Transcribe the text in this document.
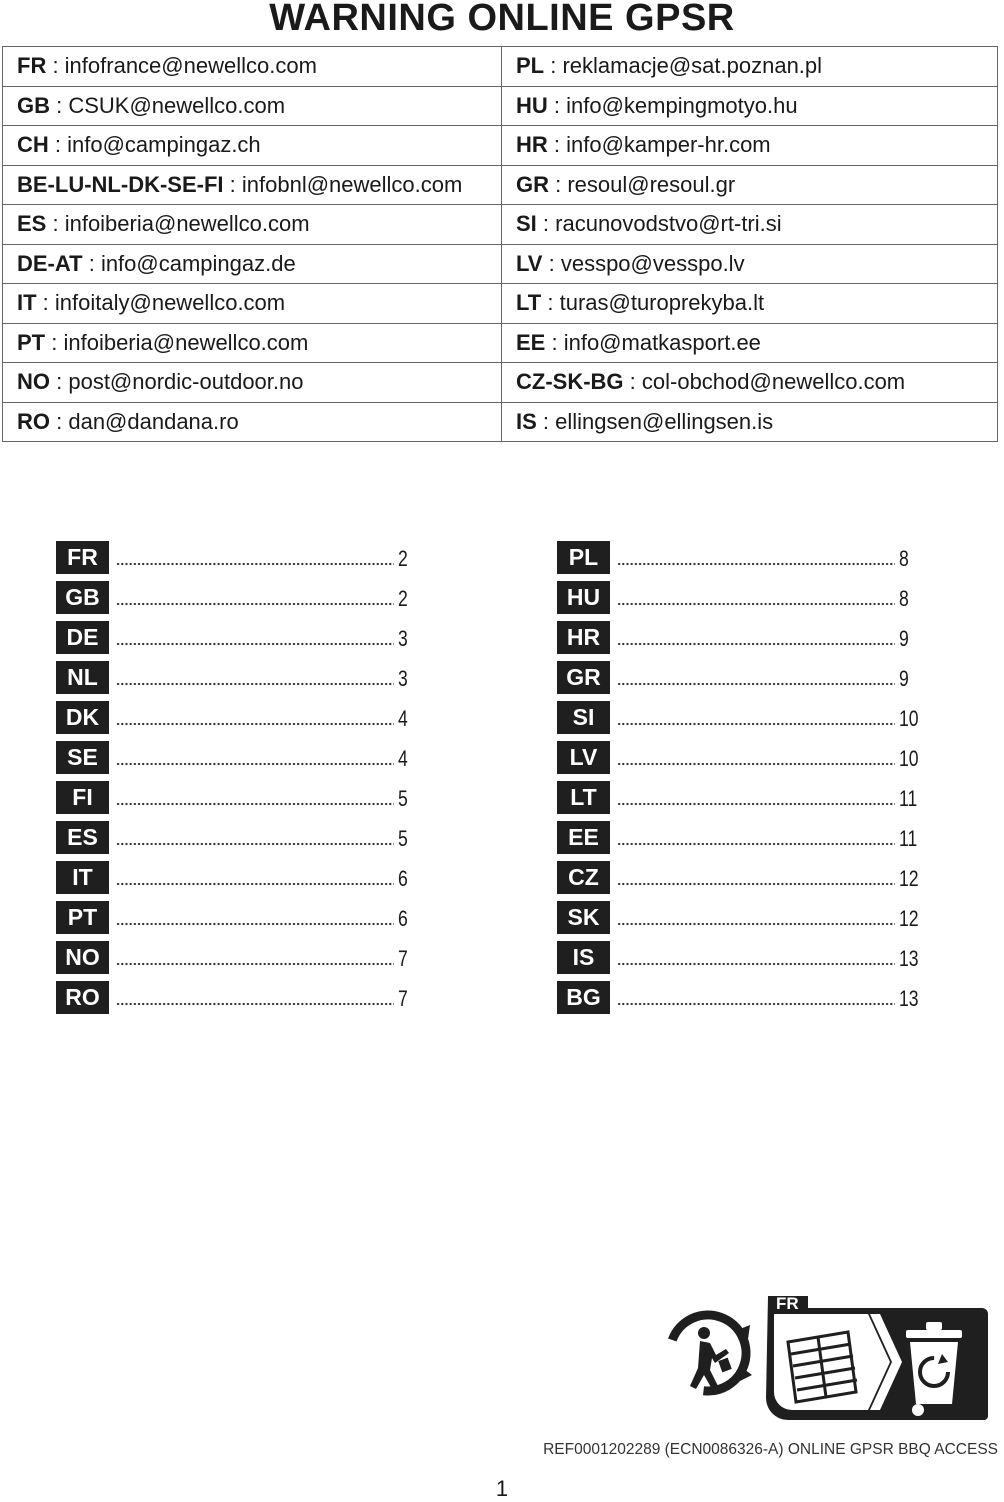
WARNING ONLINE GPSR
FR : infofrance@newellco.com	PL : reklamacje@sat.poznan.pl
GB : CSUK@newellco.com	HU : info@kempingmotyo.hu
CH : info@campingaz.ch	HR : info@kamper-hr.com
BE-LU-NL-DK-SE-FI : infobnl@newellco.com	GR : resoul@resoul.gr
ES : infoiberia@newellco.com	SI : racunovodstvo@rt-tri.si
DE-AT : info@campingaz.de	LV : vesspo@vesspo.lv
IT : infoitaly@newellco.com	LT : turas@turoprekyba.lt
PT : infoiberia@newellco.com	EE : info@matkasport.ee
NO : post@nordic-outdoor.no	CZ-SK-BG : col-obchod@newellco.com
RO : dan@dandana.ro	IS : ellingsen@ellingsen.is
FR	2
GB	2
DE	3
NL	3
DK	4
SE	4
FI	5
ES	5
IT	6
PT	6
NO	7
RO	7
PL	8
HU	8
HR	9
GR	9
SI	10
LV	10
LT	11
EE	11
CZ	12
SK	12
IS	13
BG	13
FR
REF0001202289 (ECN0086326-A) ONLINE GPSR BBQ ACCESS
1
